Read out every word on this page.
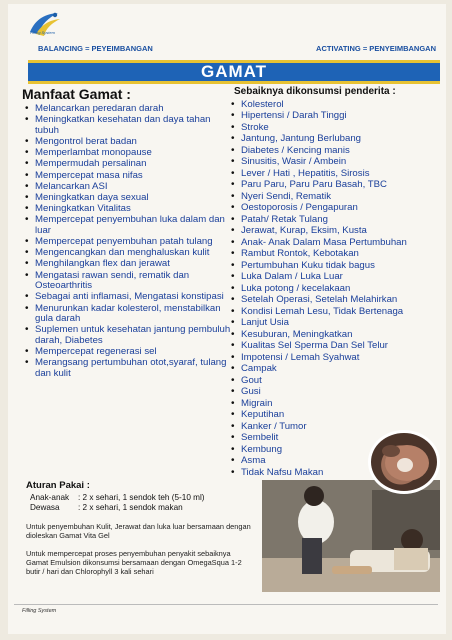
Filling System
BALANCING = PEYEIMBANGAN	ACTIVATING = PENYEIMBANGAN
GAMAT
Manfaat Gamat :
• Melancarkan peredaran darah
• Meningkatkan kesehatan dan daya tahan tubuh
• Mengontrol berat badan
• Memperlambat monopause
• Mempermudah persalinan
• Mempercepat masa nifas
• Melancarkan ASI
• Meningkatkan daya sexual
• Meningkatkan Vitalitas
• Mempercepat penyembuhan luka dalam dan luar
• Mempercepat penyembuhan patah tulang
• Mengencangkan dan menghaluskan kulit
• Menghilangkan flex dan jerawat
• Mengatasi rawan sendi, rematik dan Osteoarthritis
• Sebagai anti inflamasi, Mengatasi konstipasi
• Menurunkan kadar kolesterol, menstabilkan gula darah
• Suplemen untuk kesehatan jantung pembuluh darah, Diabetes
• Mempercepat regenerasi sel
• Merangsang pertumbuhan otot,syaraf, tulang dan kulit
Sebaiknya dikonsumsi penderita :
• Kolesterol
• Hipertensi / Darah Tinggi
• Stroke
• Jantung, Jantung Berlubang
• Diabetes / Kencing manis
• Sinusitis, Wasir / Ambein
• Lever / Hati , Hepatitis, Sirosis
• Paru Paru, Paru Paru Basah, TBC
• Nyeri Sendi, Rematik
• Oestoporosis / Pengapuran
• Patah/ Retak Tulang
• Jerawat, Kurap, Eksim, Kusta
• Anak- Anak Dalam Masa Pertumbuhan
• Rambut Rontok, Kebotakan
• Pertumbuhan Kuku tidak bagus
• Luka Dalam / Luka Luar
• Luka potong / kecelakaan
• Setelah Operasi, Setelah Melahirkan
• Kondisi Lemah Lesu, Tidak Bertenaga
• Lanjut Usia
• Kesuburan, Meningkatkan
• Kualitas Sel Sperma Dan Sel Telur
• Impotensi / Lemah Syahwat
• Campak
• Gout
• Gusi
• Migrain
• Keputihan
• Kanker / Tumor
• Sembelit
• Kembung
• Asma
• Tidak Nafsu Makan
Aturan Pakai :
Anak-anak	: 2 x sehari, 1 sendok teh (5-10 ml)
Dewasa	: 2 x sehari, 1 sendok makan
Untuk penyembuhan Kulit, Jerawat dan luka luar bersamaan dengan dioleskan Gamat Vita Gel
Untuk mempercepat proses penyembuhan penyakit sebaiknya Gamat Emulsion dikonsumsi bersamaan dengan OmegaSqua 1-2 butir / hari dan Chlorophyll 3 kali sehari
Filling System
